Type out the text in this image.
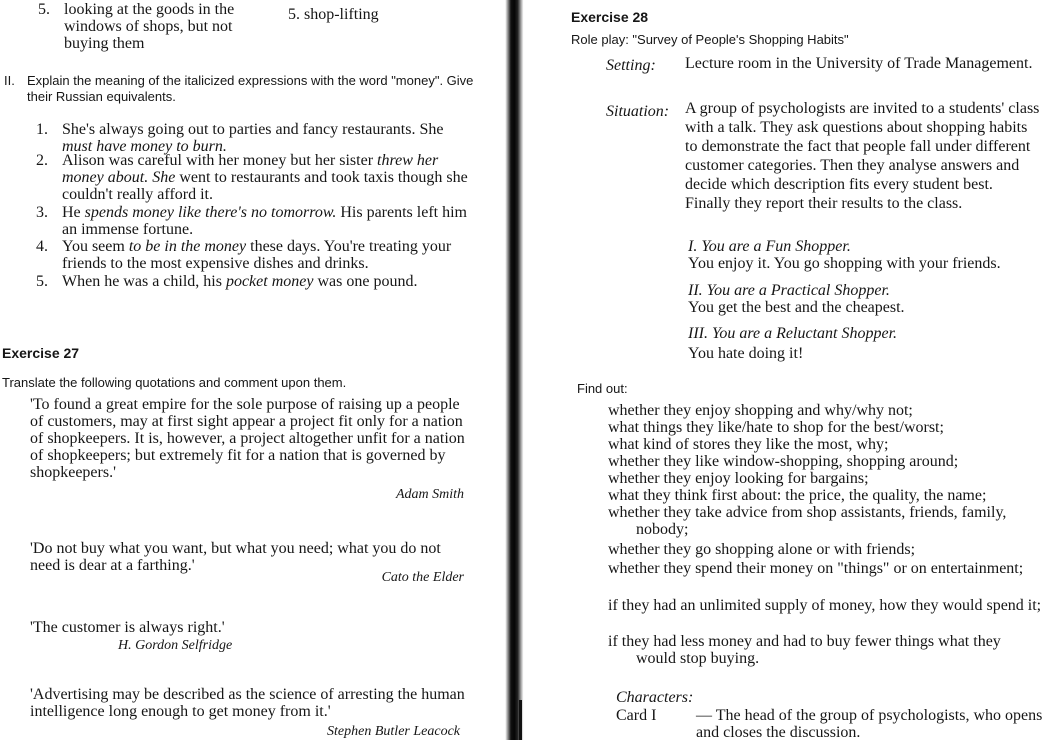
5. looking at the goods in the windows of shops, but not buying them
5. shop-lifting
II. Explain the meaning of the italicized expressions with the word "money". Give their Russian equivalents.
1. She's always going out to parties and fancy restaurants. She must have money to burn.
2. Alison was careful with her money but her sister threw her money about. She went to restaurants and took taxis though she couldn't really afford it.
3. He spends money like there's no tomorrow. His parents left him an immense fortune.
4. You seem to be in the money these days. You're treating your friends to the most expensive dishes and drinks.
5. When he was a child, his pocket money was one pound.
Exercise 27
Translate the following quotations and comment upon them.
'To found a great empire for the sole purpose of raising up a people of customers, may at first sight appear a project fit only for a nation of shopkeepers. It is, however, a project altogether unfit for a nation of shopkeepers; but extremely fit for a nation that is governed by shopkeepers.'
Adam Smith
'Do not buy what you want, but what you need; what you do not need is dear at a farthing.'
Cato the Elder
'The customer is always right.'
H. Gordon Selfridge
'Advertising may be described as the science of arresting the human intelligence long enough to get money from it.'
Stephen Butler Leacock
Exercise 28
Role play: "Survey of People's Shopping Habits"
Setting: Lecture room in the University of Trade Management.
Situation: A group of psychologists are invited to a students' class with a talk. They ask questions about shopping habits to demonstrate the fact that people fall under different customer categories. Then they analyse answers and decide which description fits every student best. Finally they report their results to the class.
I. You are a Fun Shopper.
You enjoy it. You go shopping with your friends.
II. You are a Practical Shopper.
You get the best and the cheapest.
III. You are a Reluctant Shopper.
You hate doing it!
Find out:
whether they enjoy shopping and why/why not;
what things they like/hate to shop for the best/worst;
what kind of stores they like the most, why;
whether they like window-shopping, shopping around;
whether they enjoy looking for bargains;
what they think first about: the price, the quality, the name;
whether they take advice from shop assistants, friends, family, nobody;
whether they go shopping alone or with friends;
whether they spend their money on "things" or on entertainment;
if they had an unlimited supply of money, how they would spend it;
if they had less money and had to buy fewer things what they would stop buying.
Characters:
Card I	— The head of the group of psychologists, who opens and closes the discussion.
